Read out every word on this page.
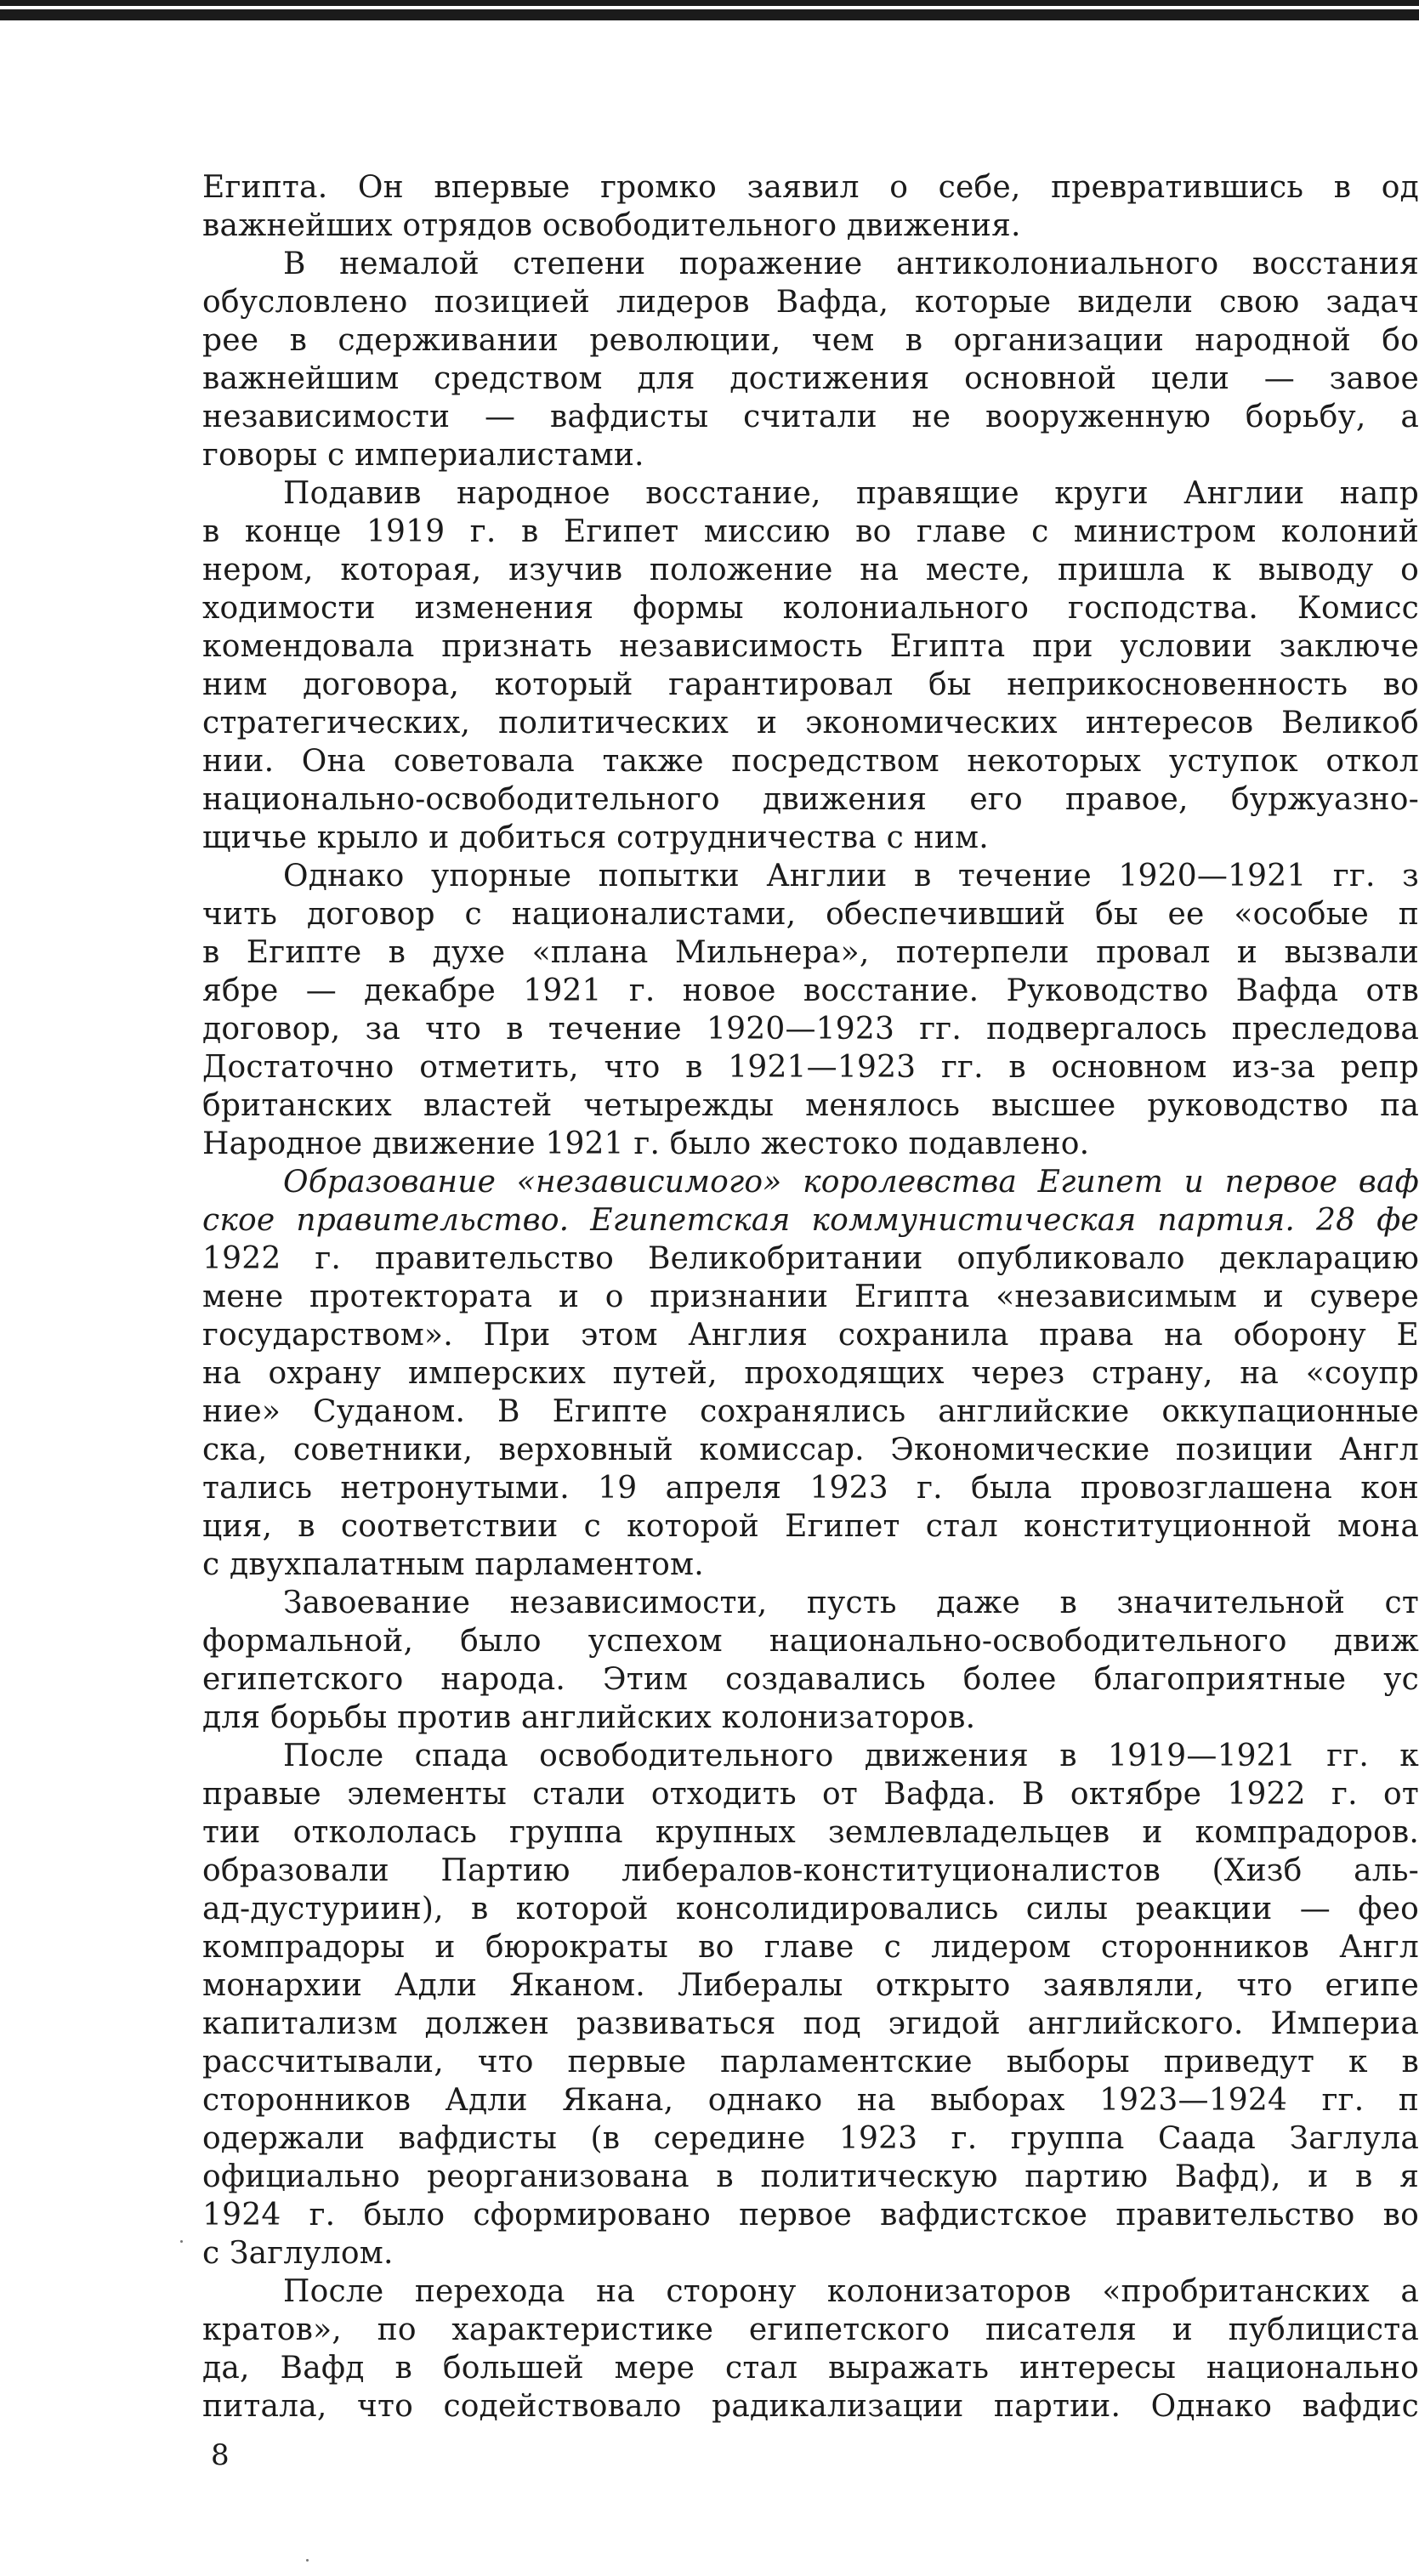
Египта. Он впервые громко заявил о себе, превратившись в од
важнейших отрядов освободительного движения.
В немалой степени поражение антиколониального восстания
обусловлено позицией лидеров Вафда, которые видели свою задач
рее в сдерживании революции, чем в организации народной бо
важнейшим средством для достижения основной цели — завое
независимости — вафдисты считали не вооруженную борьбу, а
говоры с империалистами.
Подавив народное восстание, правящие круги Англии напр
в конце 1919 г. в Египет миссию во главе с министром колоний
нером, которая, изучив положение на месте, пришла к выводу о
ходимости изменения формы колониального господства. Комисс
комендовала признать независимость Египта при условии заключе
ним договора, который гарантировал бы неприкосновенность во
стратегических, политических и экономических интересов Великоб
нии. Она советовала также посредством некоторых уступок откол
национально-освободительного движения его правое, буржуазно-
щичье крыло и добиться сотрудничества с ним.
Однако упорные попытки Англии в течение 1920—1921 гг. з
чить договор с националистами, обеспечивший бы ее «особые п
в Египте в духе «плана Мильнера», потерпели провал и вызвали
ябре — декабре 1921 г. новое восстание. Руководство Вафда отв
договор, за что в течение 1920—1923 гг. подвергалось преследова
Достаточно отметить, что в 1921—1923 гг. в основном из-за репр
британских властей четырежды менялось высшее руководство па
Народное движение 1921 г. было жестоко подавлено.
Образование «независимого» королевства Египет и первое ваф
ское правительство. Египетская коммунистическая партия. 28 фе
1922 г. правительство Великобритании опубликовало декларацию
мене протектората и о признании Египта «независимым и сувере
государством». При этом Англия сохранила права на оборону Е
на охрану имперских путей, проходящих через страну, на «соупр
ние» Суданом. В Египте сохранялись английские оккупационные
ска, советники, верховный комиссар. Экономические позиции Англ
тались нетронутыми. 19 апреля 1923 г. была провозглашена кон
ция, в соответствии с которой Египет стал конституционной мона
с двухпалатным парламентом.
Завоевание независимости, пусть даже в значительной ст
формальной, было успехом национально-освободительного движ
египетского народа. Этим создавались более благоприятные ус
для борьбы против английских колонизаторов.
После спада освободительного движения в 1919—1921 гг. к
правые элементы стали отходить от Вафда. В октябре 1922 г. от
тии откололась группа крупных землевладельцев и компрадоров.
образовали Партию либералов-конституционалистов (Хизб аль-
ад-дустуриин), в которой консолидировались силы реакции — фео
компрадоры и бюрократы во главе с лидером сторонников Англ
монархии Адли Яканом. Либералы открыто заявляли, что египе
капитализм должен развиваться под эгидой английского. Империа
рассчитывали, что первые парламентские выборы приведут к в
сторонников Адли Якана, однако на выборах 1923—1924 гг. п
одержали вафдисты (в середине 1923 г. группа Саада Заглула
официально реорганизована в политическую партию Вафд), и в я
1924 г. было сформировано первое вафдистское правительство во
с Заглулом.
После перехода на сторону колонизаторов «пробританских а
кратов», по характеристике египетского писателя и публициста
да, Вафд в большей мере стал выражать интересы национально
питала, что содействовало радикализации партии. Однако вафдис
8
